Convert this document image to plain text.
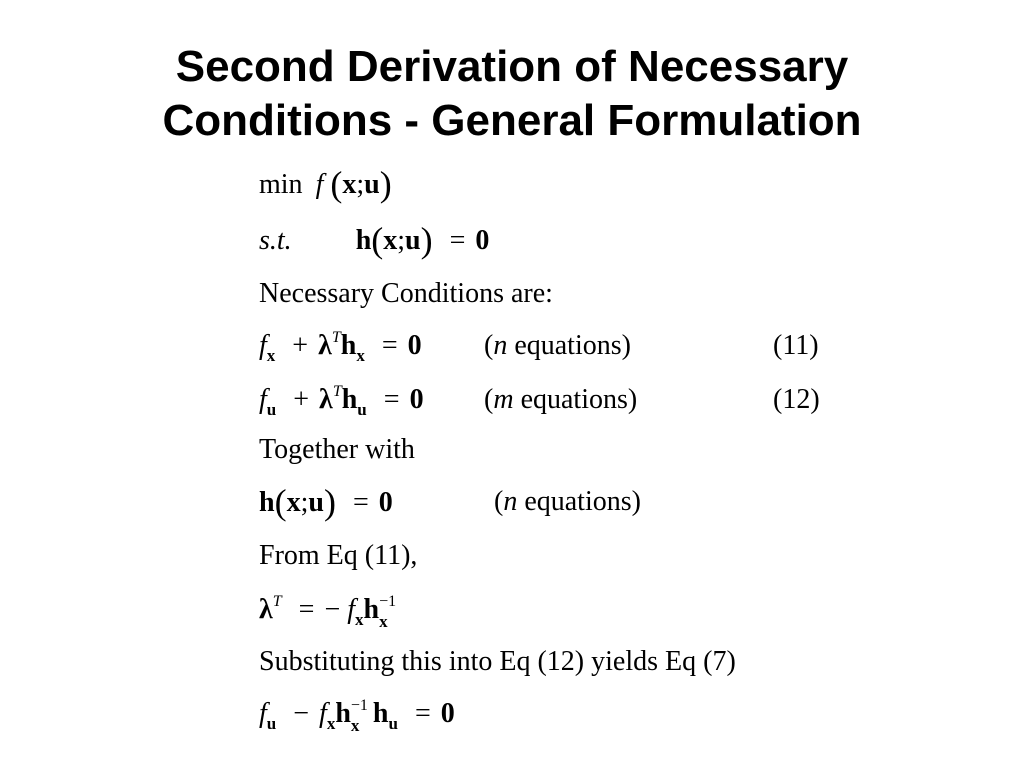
Second Derivation of Necessary
Conditions - General Formulation
min f (x;u)
s.t. h(x;u) = 0
Necessary Conditions are:
$f_x + \lambda^Th_x = 0$ (n equations)	(11)
$f_u + \lambda^Th_u = 0$ (m equations)	(12)
Together with
h(x;u) = 0	(n equations)
From Eq (11),
$\lambda^T$ = − $f_xh -1$
x
Substituting this into Eq (12) yields Eq (7)
$f_u - f_xh -1$
x $h_u = 0$
